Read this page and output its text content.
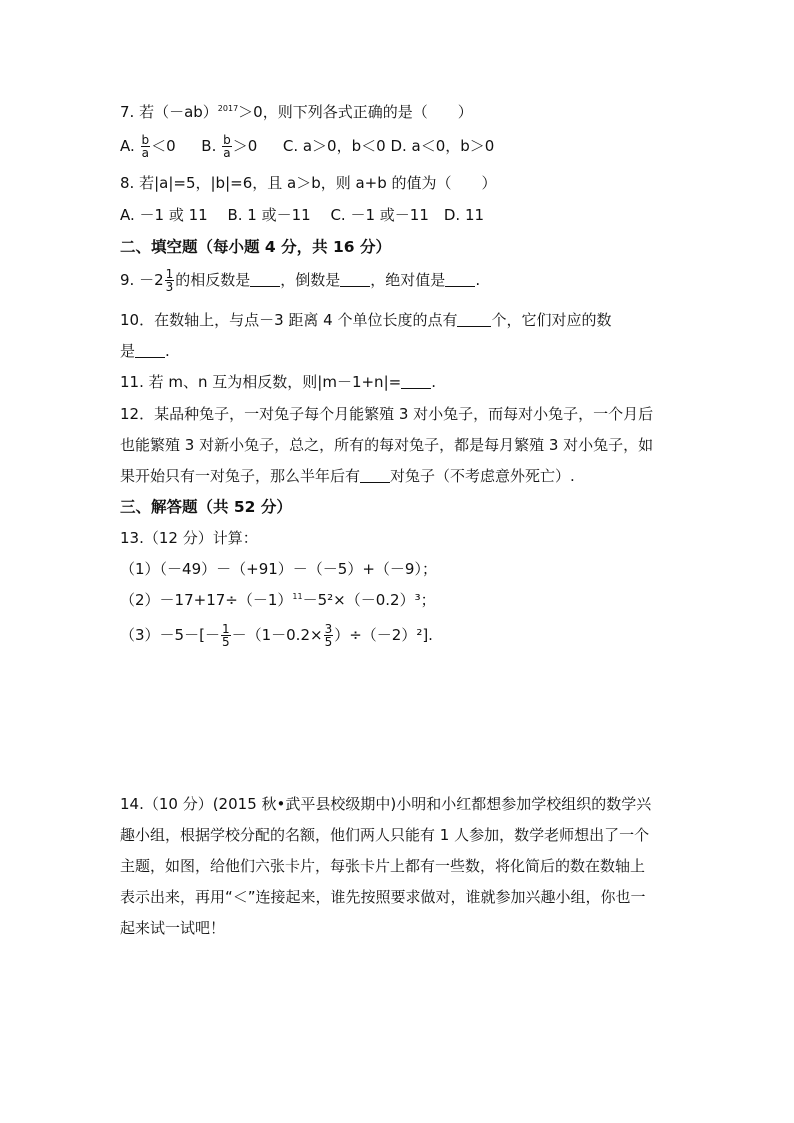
7. 若$(-ab)^{2017}>0$，则下列各式正确的是（　　）
A. $\frac{b}{a} <0$ B. $\frac{b}{a} >0$ C. a＞0，b＜0 D. a＜0，b＞0
8. 若|a|=5，|b|=6，且 a＞b，则 a+b 的值为（　　）
A. －1 或 11　 B. 1 或－11　 C. －1 或－11　D. 11
二、填空题（每小题 4 分，共 16 分）
9. $-2 \frac{1}{3}$ 的相反数是 ，倒数是 ，绝对值是 .
10．在数轴上，与点－3 距离 4 个单位长度的点有 个，它们对应的数
是 .
11. 若 m、n 互为相反数，则|m－1+n|= .
12．某品种兔子，一对兔子每个月能繁殖 3 对小兔子，而每对小兔子，一个月后
也能繁殖 3 对新小兔子，总之，所有的每对兔子，都是每月繁殖 3 对小兔子，如
果开始只有一对兔子，那么半年后有 对兔子（不考虑意外死亡）.
三、解答题（共 52 分）
13.（12 分）计算：
（1）（－49）－（+91）－（－5）+（－9）；
$(2)-17+17\div(-1)^{11}-5^2\times(-0.2)^3$；
$(3)-5-[- \frac{1}{5} -(1-0.2\times \frac{3}{5} )\div(-2)^2]$.
14.（10 分）(2015 秋•武平县校级期中)小明和小红都想参加学校组织的数学兴
趣小组，根据学校分配的名额，他们两人只能有 1 人参加，数学老师想出了一个
主题，如图，给他们六张卡片，每张卡片上都有一些数，将化简后的数在数轴上
表示出来，再用“＜”连接起来，谁先按照要求做对，谁就参加兴趣小组，你也一
起来试一试吧！
